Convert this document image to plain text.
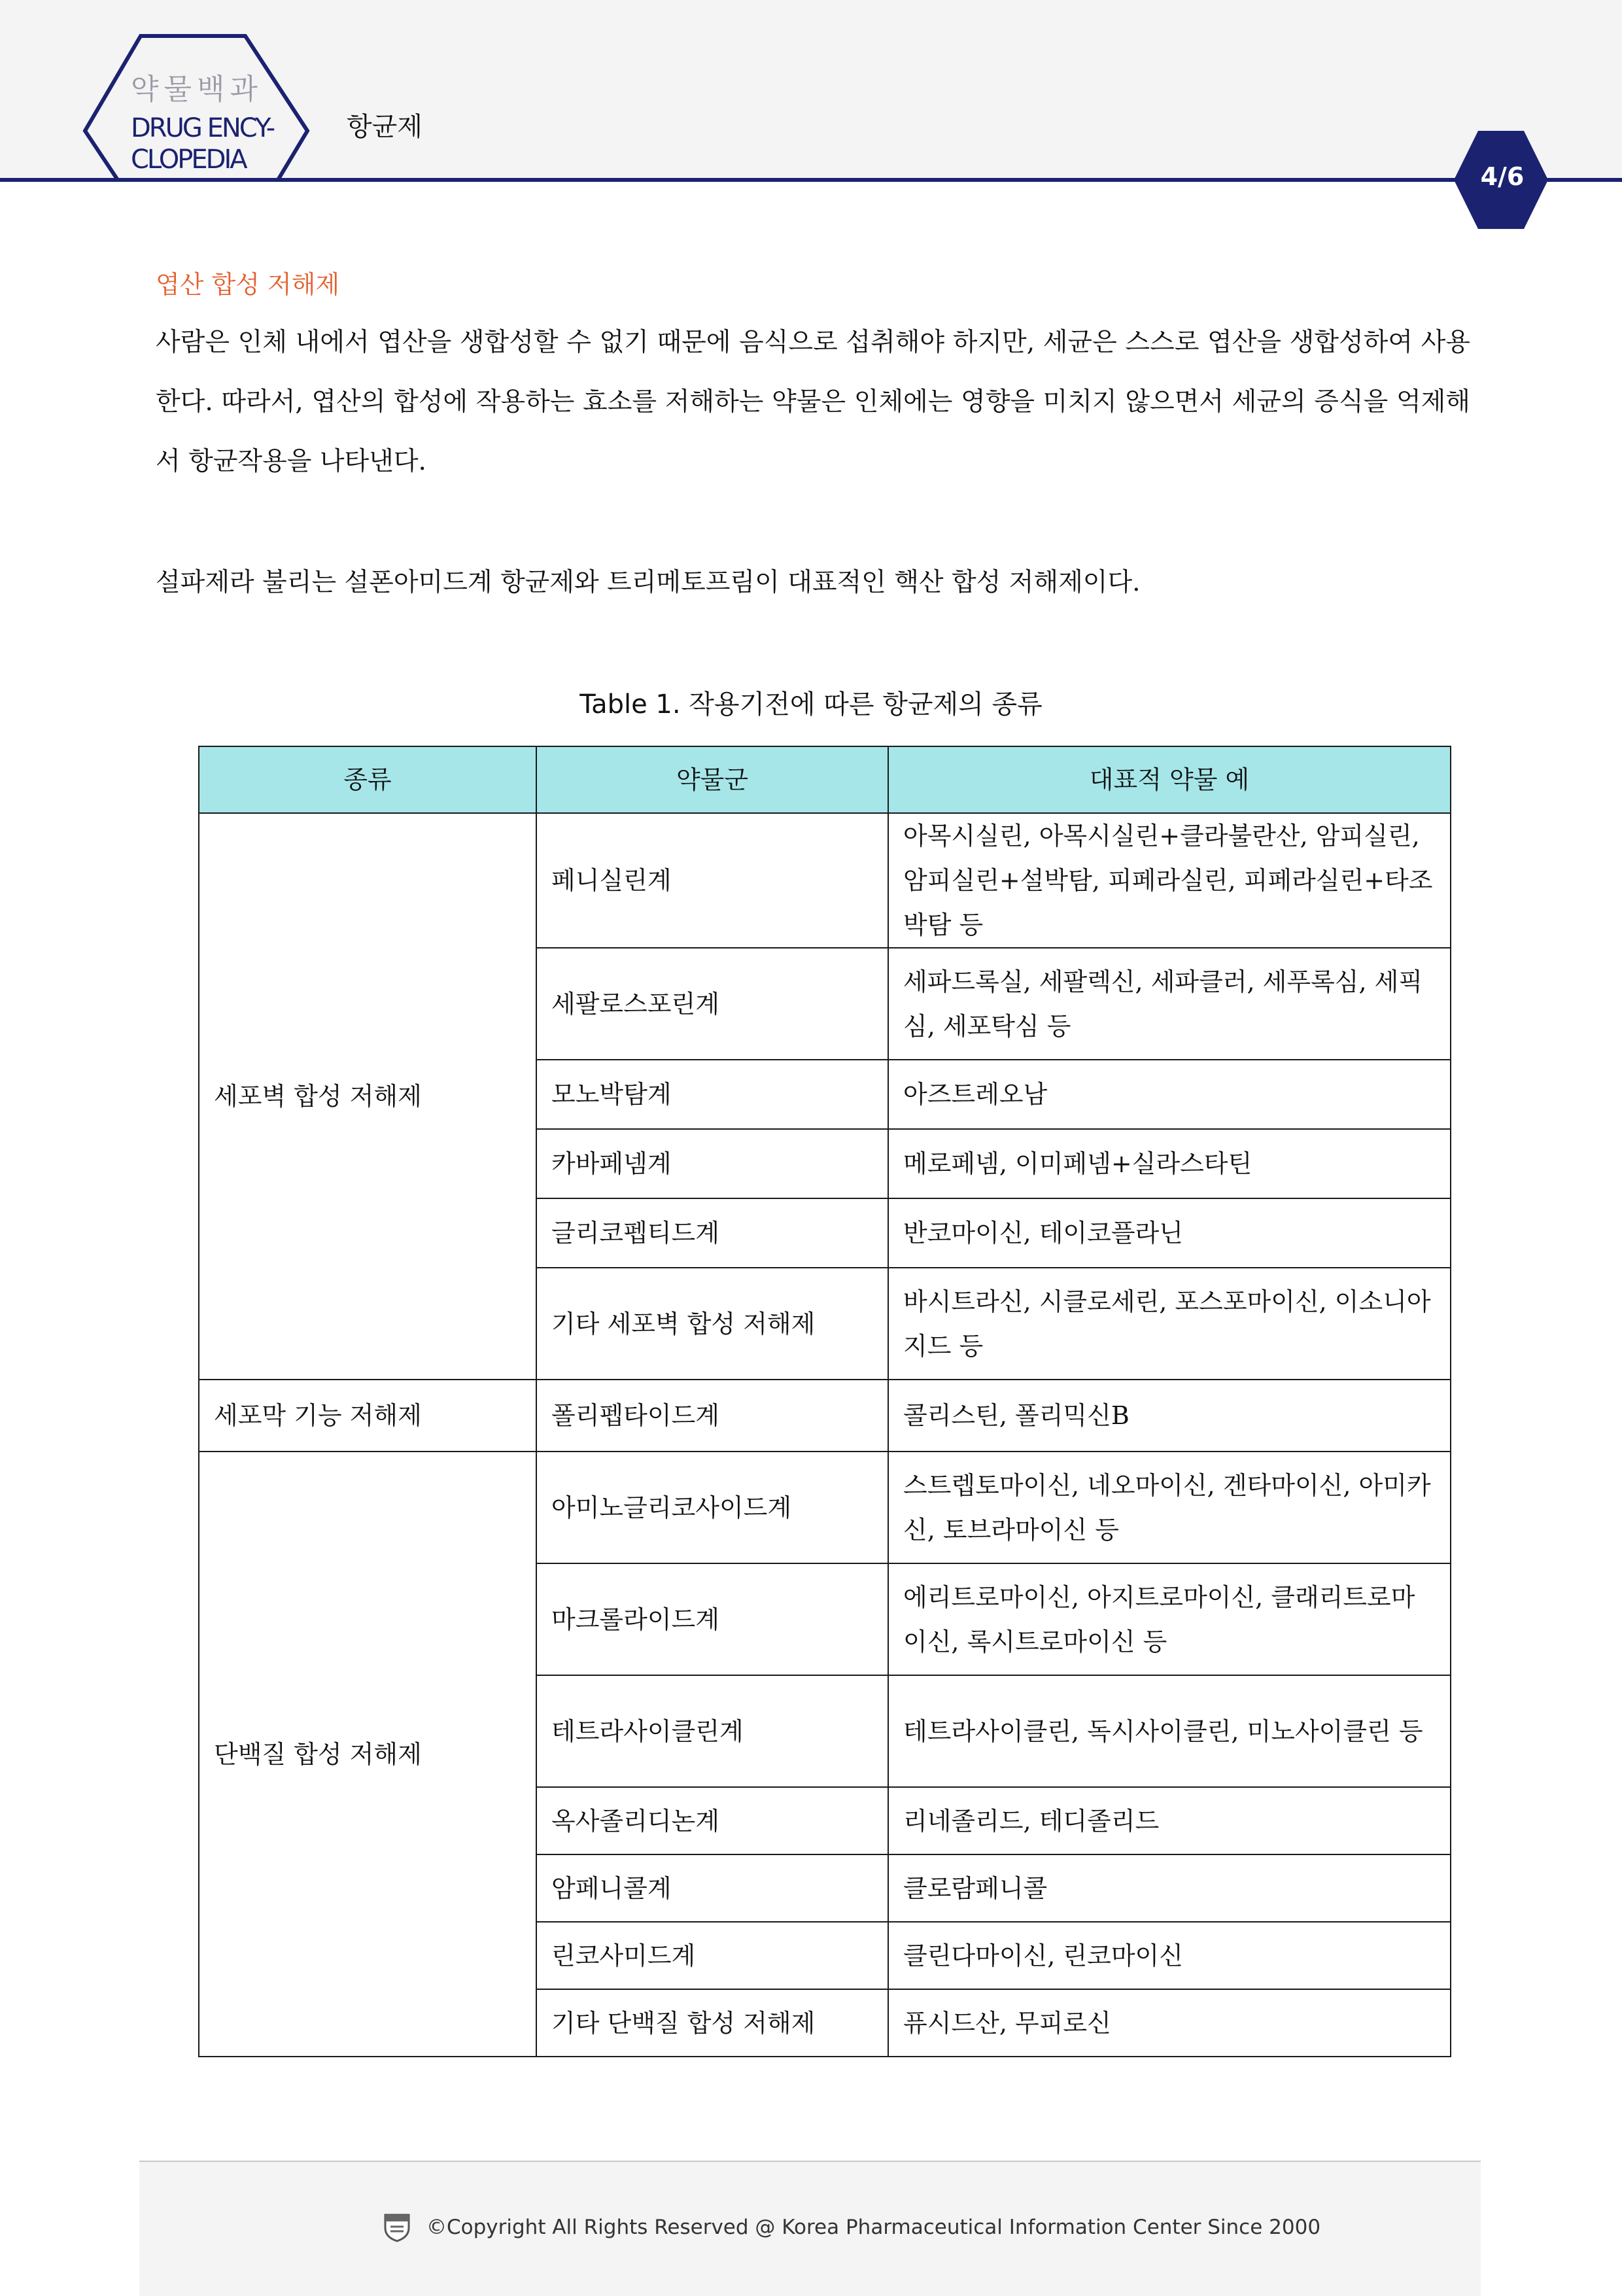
약물백과
DRUG ENCY-CLOPEDIA
항균제
4/6
엽산 합성 저해제
사람은 인체 내에서 엽산을 생합성할 수 없기 때문에 음식으로 섭취해야 하지만, 세균은 스스로 엽산을 생합성하여 사용한다. 따라서, 엽산의 합성에 작용하는 효소를 저해하는 약물은 인체에는 영향을 미치지 않으면서 세균의 증식을 억제해서 항균작용을 나타낸다.
설파제라 불리는 설폰아미드계 항균제와 트리메토프림이 대표적인 핵산 합성 저해제이다.
Table 1. 작용기전에 따른 항균제의 종류
종류	약물군	대표적 약물 예
세포벽 합성 저해제	페니실린계	아목시실린, 아목시실린+클라불란산, 암피실린, 암피실린+설박탐, 피페라실린, 피페라실린+타조박탐 등
	세팔로스포린계	세파드록실, 세팔렉신, 세파클러, 세푸록심, 세픽심, 세포탁심 등
	모노박탐계	아즈트레오남
	카바페넴계	메로페넴, 이미페넴+실라스타틴
	글리코펩티드계	반코마이신, 테이코플라닌
	기타 세포벽 합성 저해제	바시트라신, 시클로세린, 포스포마이신, 이소니아지드 등
세포막 기능 저해제	폴리펩타이드계	콜리스틴, 폴리믹신B
단백질 합성 저해제	아미노글리코사이드계	스트렙토마이신, 네오마이신, 겐타마이신, 아미카신, 토브라마이신 등
	마크롤라이드계	에리트로마이신, 아지트로마이신, 클래리트로마이신, 록시트로마이신 등
	테트라사이클린계	테트라사이클린, 독시사이클린, 미노사이클린 등
	옥사졸리디논계	리네졸리드, 테디졸리드
	암페니콜계	클로람페니콜
	린코사미드계	클린다마이신, 린코마이신
	기타 단백질 합성 저해제	퓨시드산, 무피로신
©Copyright All Rights Reserved @ Korea Pharmaceutical Information Center Since 2000
